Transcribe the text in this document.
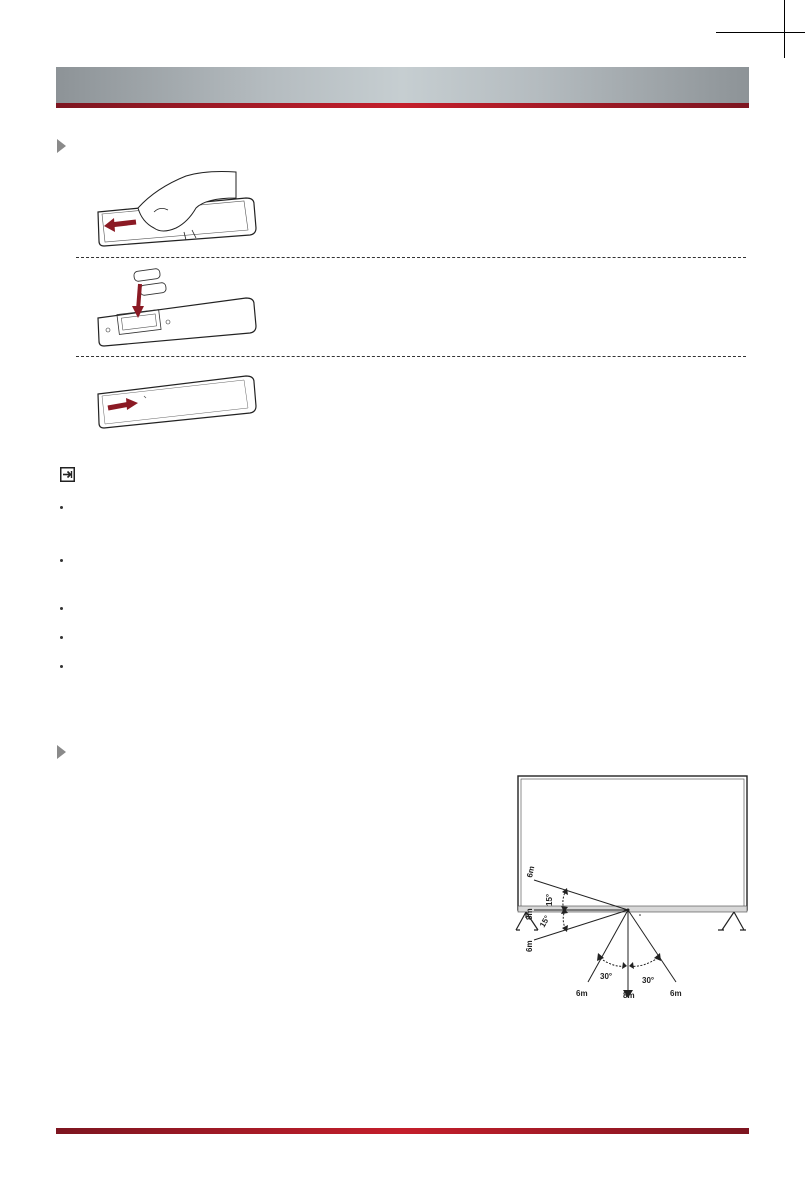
6m
8m
6m
15°
15°
30°	30°
6m	8m	6m
